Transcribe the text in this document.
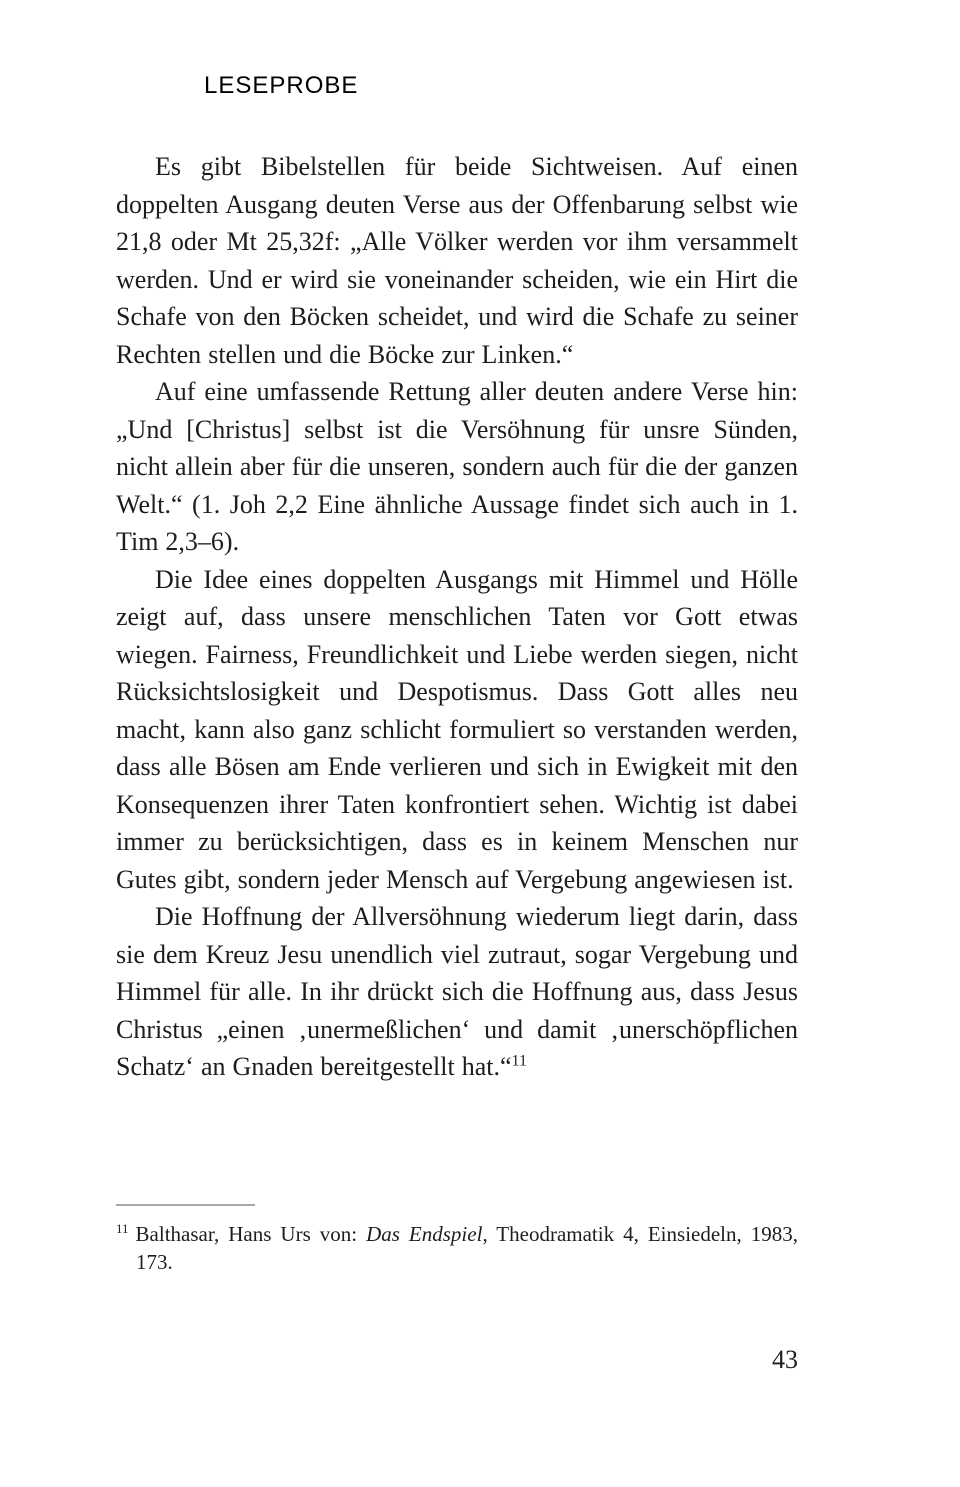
LESEPROBE

Es gibt Bibelstellen für beide Sichtweisen. Auf einen doppelten Ausgang deuten Verse aus der Offenbarung selbst wie 21,8 oder Mt 25,32f: „Alle Völker werden vor ihm versammelt werden. Und er wird sie voneinander scheiden, wie ein Hirt die Schafe von den Böcken scheidet, und wird die Schafe zu seiner Rechten stellen und die Böcke zur Linken.“

Auf eine umfassende Rettung aller deuten andere Verse hin: „Und [Christus] selbst ist die Versöhnung für unsre Sünden, nicht allein aber für die unseren, sondern auch für die der ganzen Welt.“ (1. Joh 2,2 Eine ähnliche Aussage findet sich auch in 1. Tim 2,3–6).

Die Idee eines doppelten Ausgangs mit Himmel und Hölle zeigt auf, dass unsere menschlichen Taten vor Gott etwas wiegen. Fairness, Freundlichkeit und Liebe werden siegen, nicht Rücksichtslosigkeit und Despotismus. Dass Gott alles neu macht, kann also ganz schlicht formuliert so verstanden werden, dass alle Bösen am Ende verlieren und sich in Ewigkeit mit den Konsequenzen ihrer Taten konfrontiert sehen. Wichtig ist dabei immer zu berücksichtigen, dass es in keinem Menschen nur Gutes gibt, sondern jeder Mensch auf Vergebung angewiesen ist.

Die Hoffnung der Allversöhnung wiederum liegt darin, dass sie dem Kreuz Jesu unendlich viel zutraut, sogar Vergebung und Himmel für alle. In ihr drückt sich die Hoffnung aus, dass Jesus Christus „einen ‚unermeßlichen‘ und damit ‚unerschöpflichen Schatz‘ an Gnaden bereitgestellt hat.“$^{11}$

$^{11}$ Balthasar, Hans Urs von: Das Endspiel, Theodramatik 4, Einsiedeln, 1983, 173.
43
